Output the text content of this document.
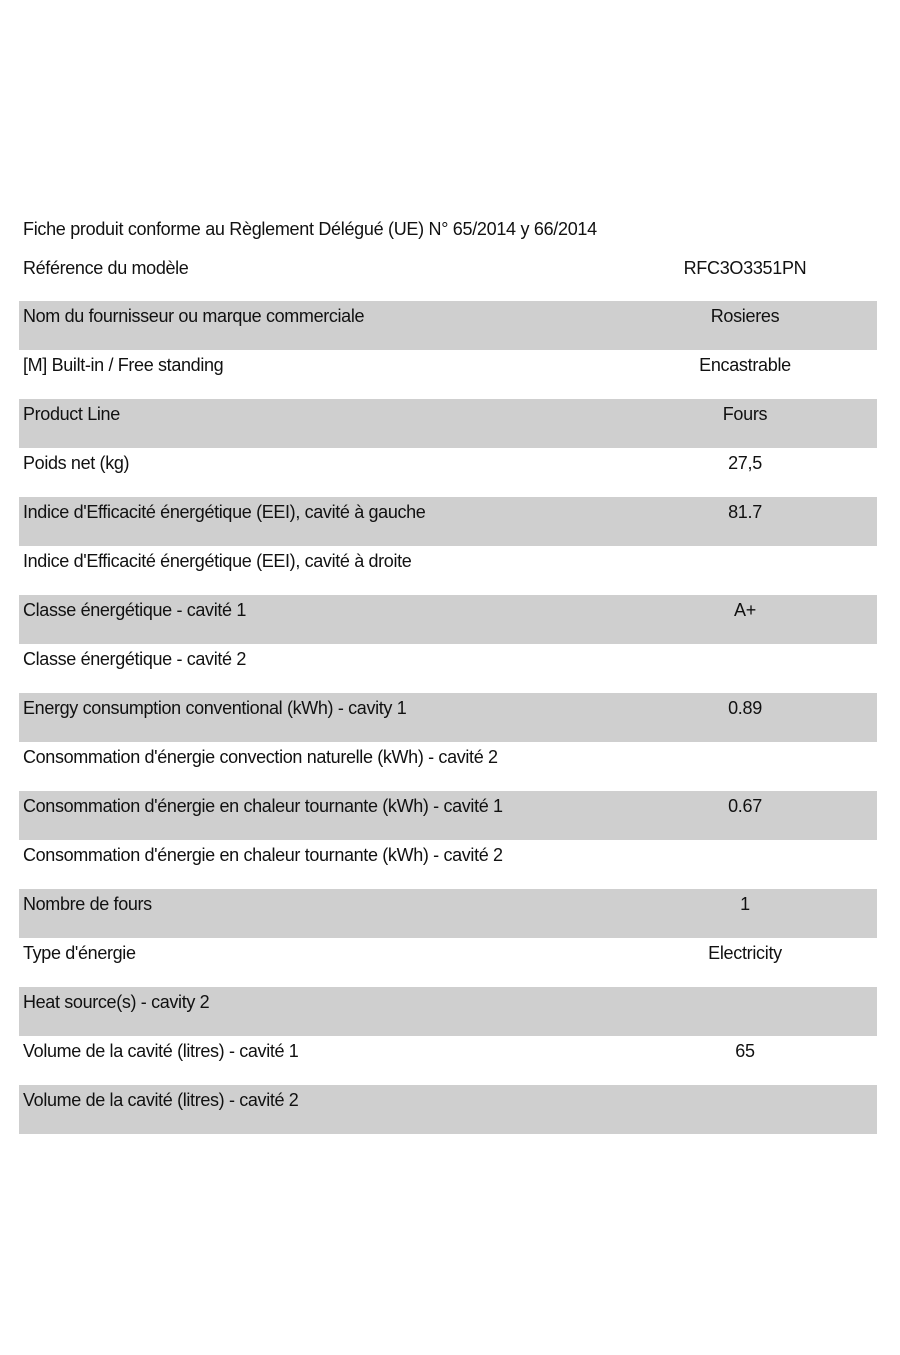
Fiche produit conforme au Règlement Délégué (UE) N° 65/2014 y 66/2014
Référence du modèle	RFC3O3351PN
Nom du fournisseur ou marque commerciale	Rosieres
[M] Built-in / Free standing	Encastrable
Product Line	Fours
Poids net (kg)	27,5
Indice d'Efficacité énergétique (EEI), cavité à gauche	81.7
Indice d'Efficacité énergétique (EEI), cavité à droite
Classe énergétique - cavité 1	A+
Classe énergétique - cavité 2
Energy consumption conventional (kWh) - cavity 1	0.89
Consommation d'énergie convection naturelle (kWh) - cavité 2
Consommation d'énergie en chaleur tournante (kWh) - cavité 1	0.67
Consommation d'énergie en chaleur tournante (kWh) - cavité 2
Nombre de fours	1
Type d'énergie	Electricity
Heat source(s) - cavity 2
Volume de la cavité (litres) - cavité 1	65
Volume de la cavité (litres) - cavité 2
